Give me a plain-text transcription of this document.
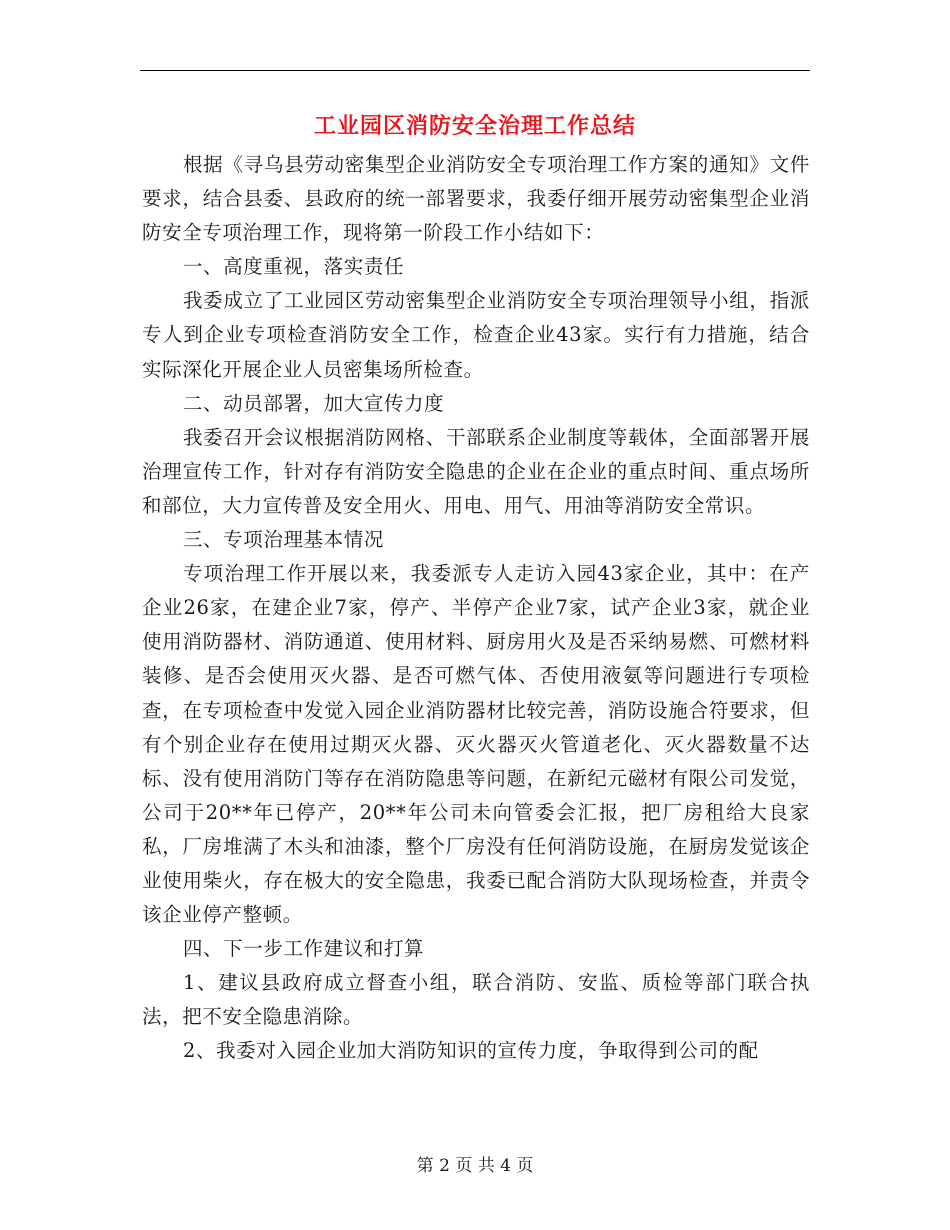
工业园区消防安全治理工作总结

根据《寻乌县劳动密集型企业消防安全专项治理工作方案的通知》文件要求，结合县委、县政府的统一部署要求，我委仔细开展劳动密集型企业消防安全专项治理工作，现将第一阶段工作小结如下：

一、高度重视，落实责任

我委成立了工业园区劳动密集型企业消防安全专项治理领导小组，指派专人到企业专项检查消防安全工作，检查企业43家。实行有力措施，结合实际深化开展企业人员密集场所检查。

二、动员部署，加大宣传力度

我委召开会议根据消防网格、干部联系企业制度等载体，全面部署开展治理宣传工作，针对存有消防安全隐患的企业在企业的重点时间、重点场所和部位，大力宣传普及安全用火、用电、用气、用油等消防安全常识。

三、专项治理基本情况

专项治理工作开展以来，我委派专人走访入园43家企业，其中：在产企业26家，在建企业7家，停产、半停产企业7家，试产企业3家，就企业使用消防器材、消防通道、使用材料、厨房用火及是否采纳易燃、可燃材料装修、是否会使用灭火器、是否可燃气体、否使用液氨等问题进行专项检查，在专项检查中发觉入园企业消防器材比较完善，消防设施合符要求，但有个别企业存在使用过期灭火器、灭火器灭火管道老化、灭火器数量不达标、没有使用消防门等存在消防隐患等问题，在新纪元磁材有限公司发觉，公司于20**年已停产，20**年公司未向管委会汇报，把厂房租给大良家私，厂房堆满了木头和油漆，整个厂房没有任何消防设施，在厨房发觉该企业使用柴火，存在极大的安全隐患，我委已配合消防大队现场检查，并责令该企业停产整顿。

四、下一步工作建议和打算

1、建议县政府成立督查小组，联合消防、安监、质检等部门联合执法，把不安全隐患消除。

2、我委对入园企业加大消防知识的宣传力度，争取得到公司的配

第 2 页 共 4 页
